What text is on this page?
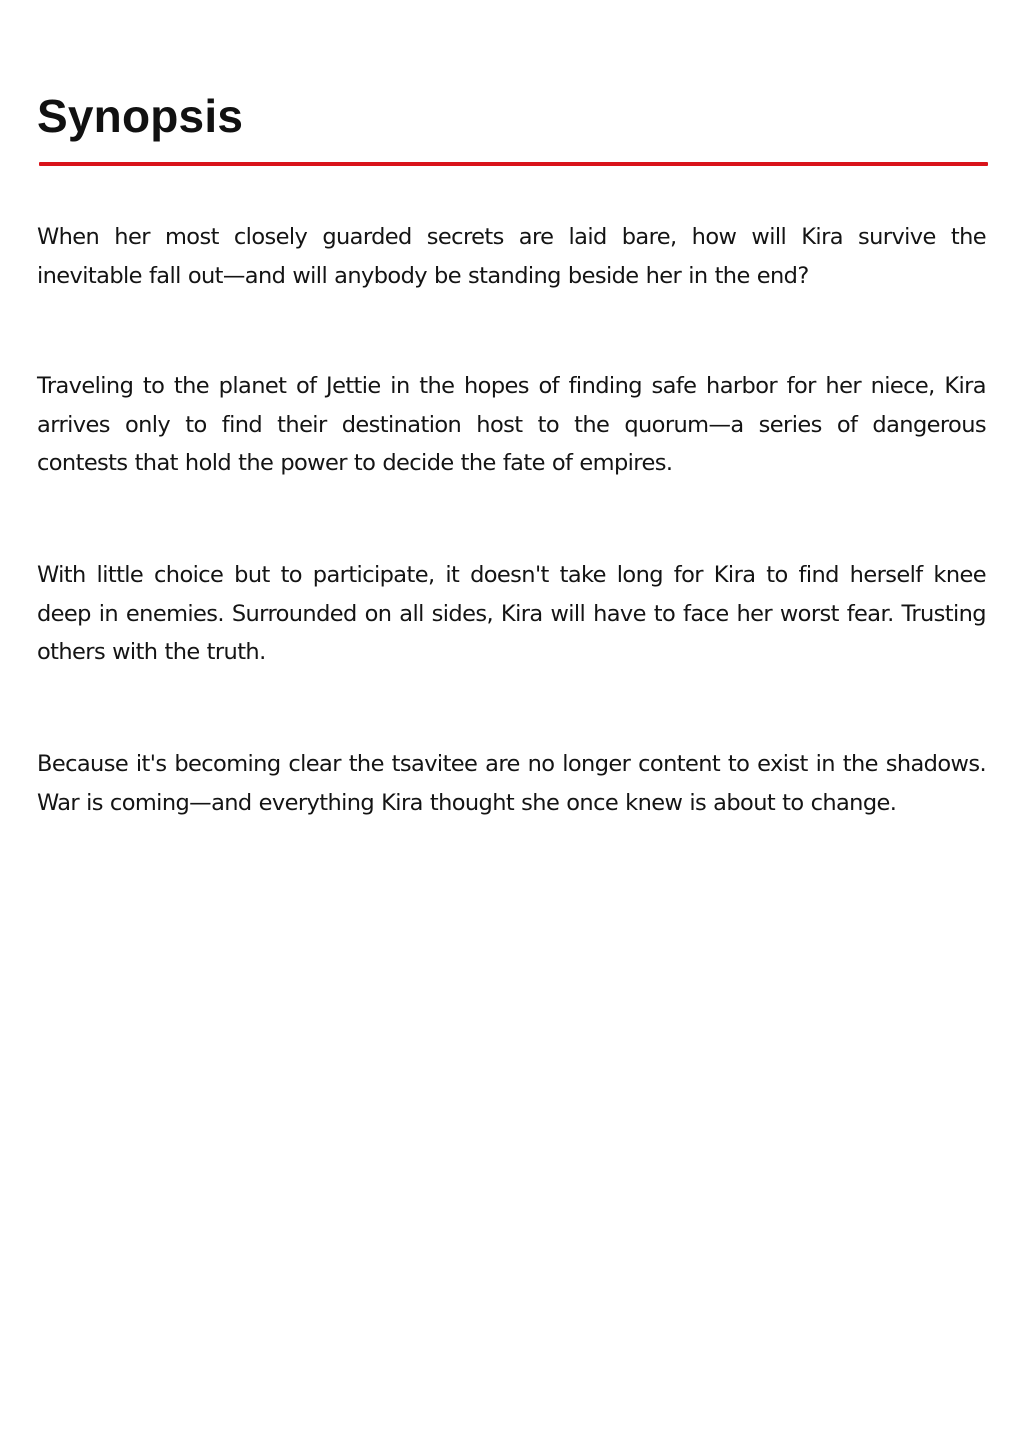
Synopsis

When her most closely guarded secrets are laid bare, how will Kira survive the inevitable fall out—and will anybody be standing beside her in the end?

Traveling to the planet of Jettie in the hopes of finding safe harbor for her niece, Kira arrives only to find their destination host to the quorum—a series of dangerous contests that hold the power to decide the fate of empires.

With little choice but to participate, it doesn't take long for Kira to find herself knee deep in enemies. Surrounded on all sides, Kira will have to face her worst fear. Trusting others with the truth.

Because it's becoming clear the tsavitee are no longer content to exist in the shadows. War is coming—and everything Kira thought she once knew is about to change.
